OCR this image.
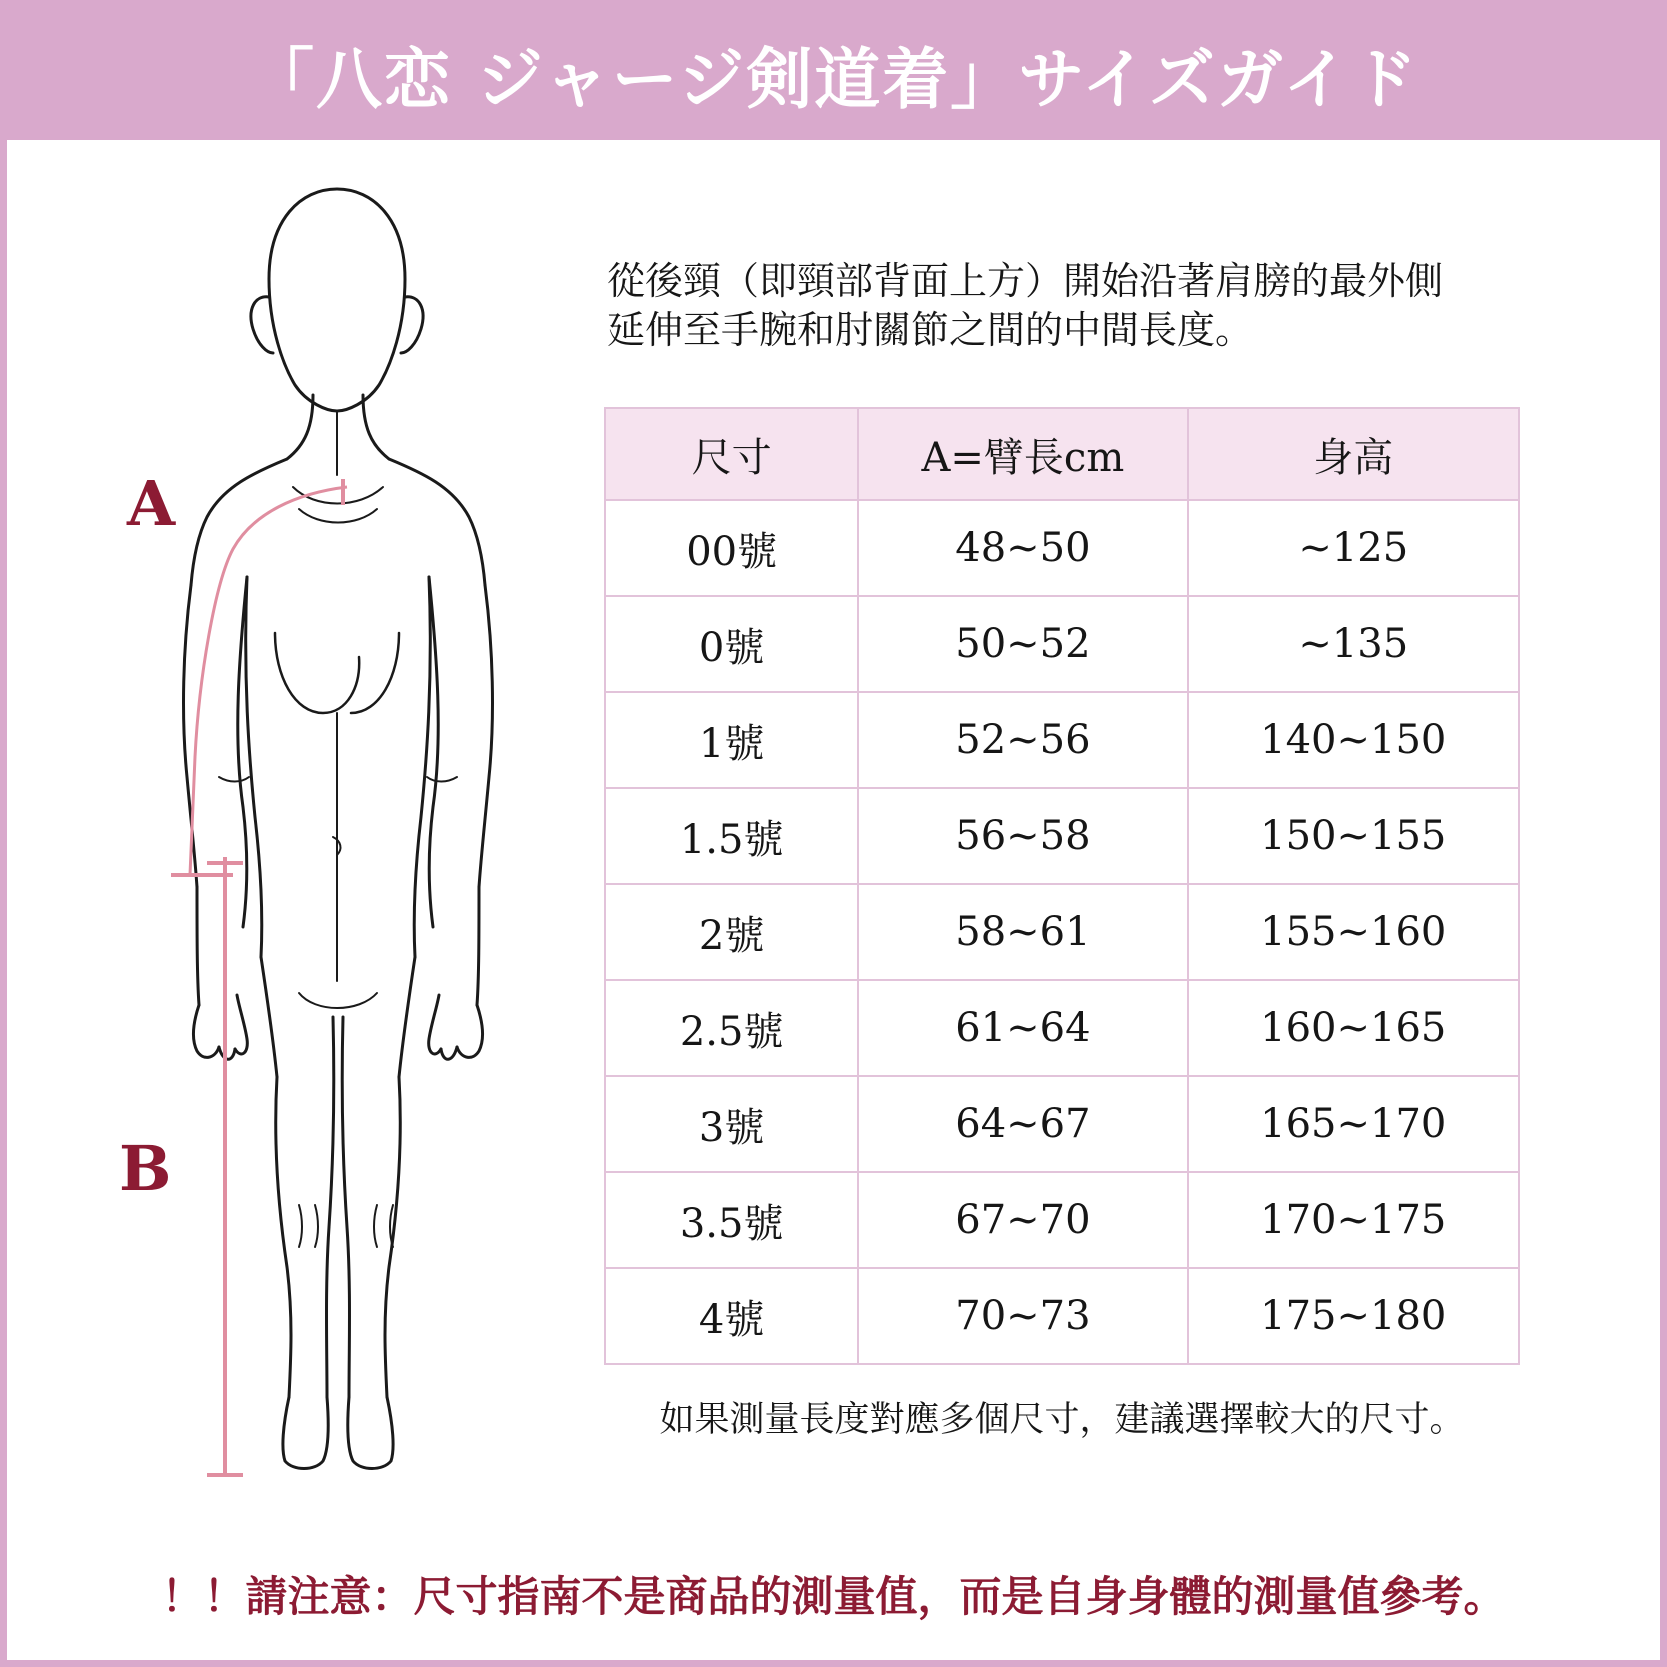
「八恋 ジャージ剣道着」サイズガイド
A
B
從後頸（即頸部背面上方）開始沿著肩膀的最外側
延伸至手腕和肘關節之間的中間長度。
尺寸	A=臂長cm	身高
00號	48~50	~125
0號	50~52	~135
1號	52~56	140~150
1.5號	56~58	150~155
2號	58~61	155~160
2.5號	61~64	160~165
3號	64~67	165~170
3.5號	67~70	170~175
4號	70~73	175~180
如果測量長度對應多個尺寸，建議選擇較大的尺寸。
！！請注意：尺寸指南不是商品的測量值，而是自身身體的測量值參考。
